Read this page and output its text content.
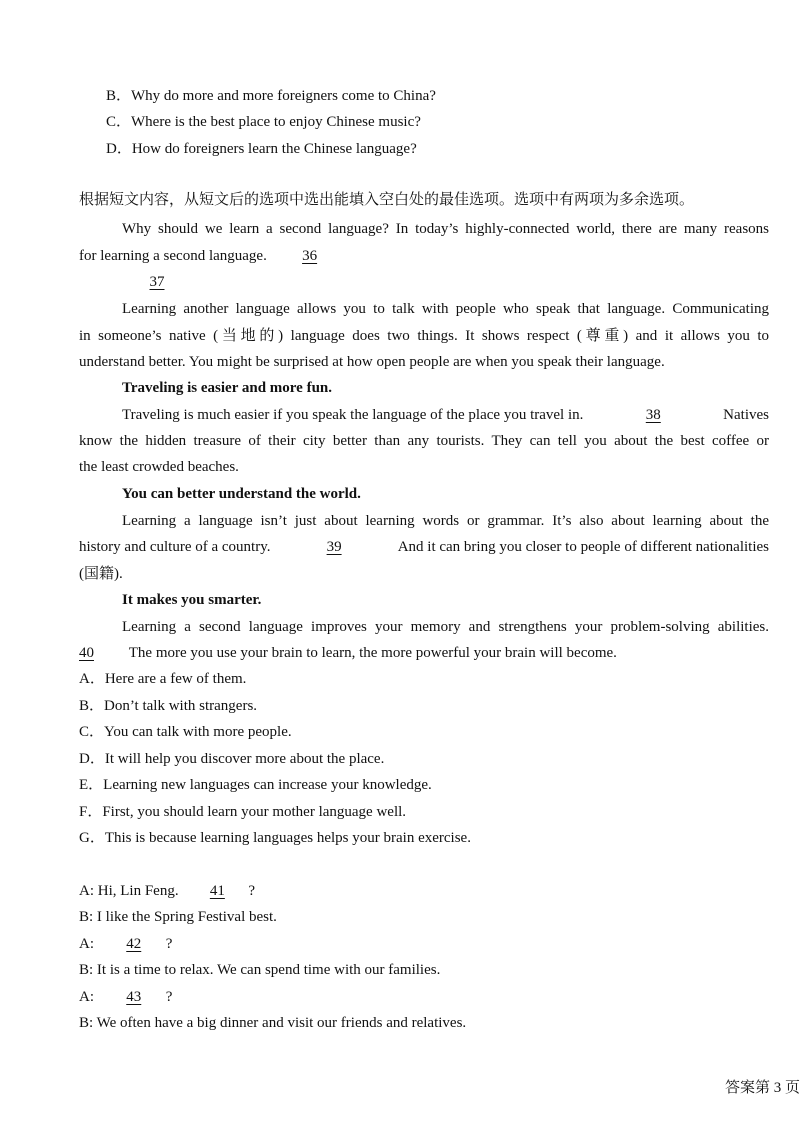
B．Why do more and more foreigners come to China?
C．Where is the best place to enjoy Chinese music?
D．How do foreigners learn the Chinese language?
根据短文内容，从短文后的选项中选出能填入空白处的最佳选项。选项中有两项为多余选项。
Why should we learn a second language? In today’s highly-connected world, there are many reasons
for learning a second language. 36
37
Learning another language allows you to talk with people who speak that language. Communicating
in someone’s native (当地的) language does two things. It shows respect (尊重) and it allows you to
understand better. You might be surprised at how open people are when you speak their language.
Traveling is easier and more fun.
Traveling is much easier if you speak the language of the place you travel in.	38	Natives
know the hidden treasure of their city better than any tourists. They can tell you about the best coffee or
the least crowded beaches.
You can better understand the world.
Learning a language isn’t just about learning words or grammar. It’s also about learning about the
history and culture of a country.	39	And it can bring you closer to people of different nationalities
(国籍).
It makes you smarter.
Learning a second language improves your memory and strengthens your problem-solving abilities.
40 The more you use your brain to learn, the more powerful your brain will become.
A．Here are a few of them.
B．Don’t talk with strangers.
C．You can talk with more people.
D．It will help you discover more about the place.
E．Learning new languages can increase your knowledge.
F．First, you should learn your mother language well.
G．This is because learning languages helps your brain exercise.
A: Hi, Lin Feng. 41 ?
B: I like the Spring Festival best.
A: 42 ?
B: It is a time to relax. We can spend time with our families.
A: 43 ?
B: We often have a big dinner and visit our friends and relatives.
答案第 3 页
